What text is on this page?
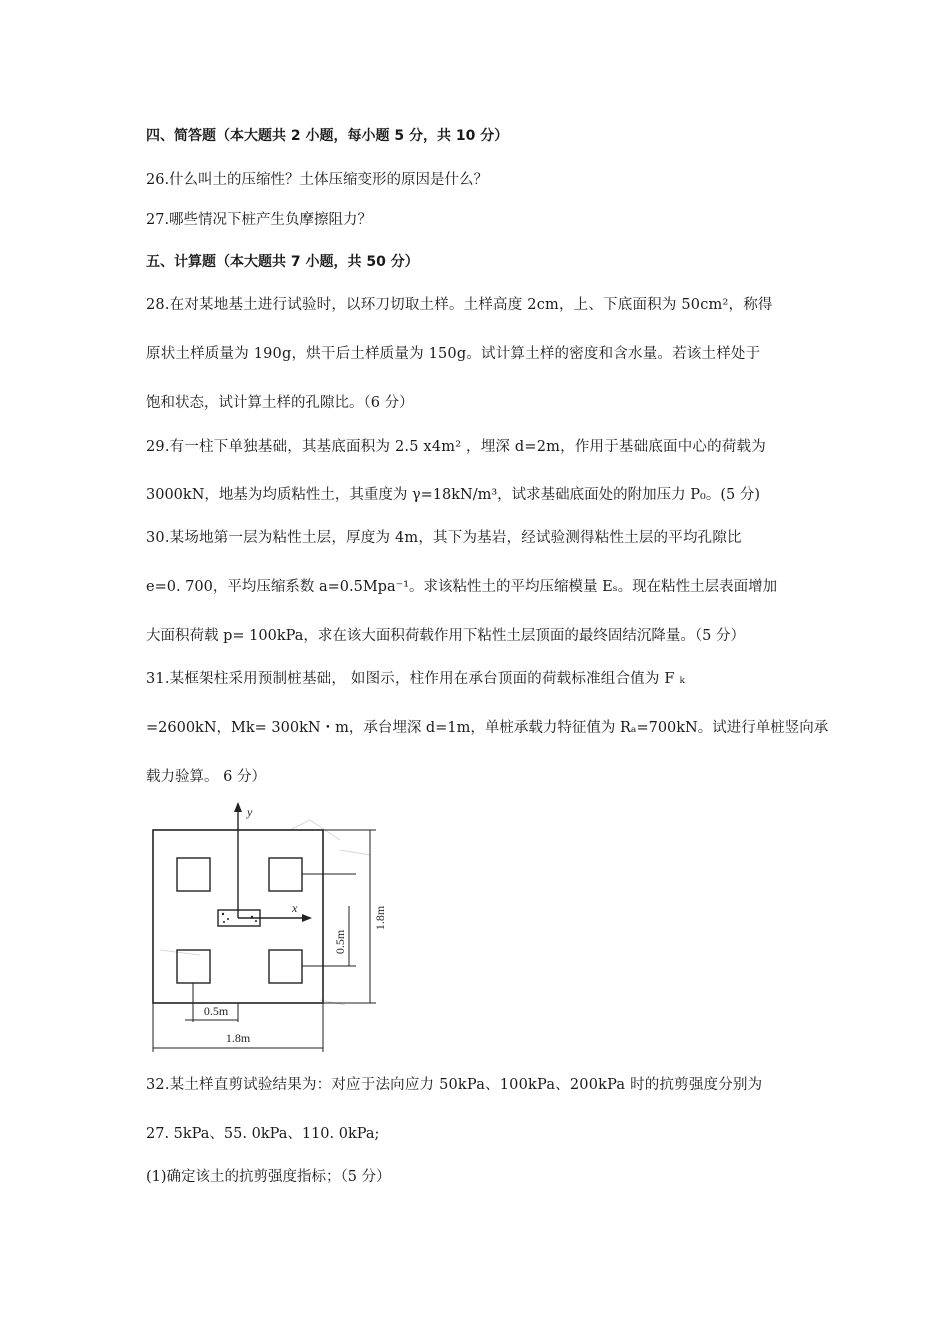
四、简答题（本大题共 2 小题，每小题 5 分，共 10 分）
26.什么叫土的压缩性？土体压缩变形的原因是什么？
27.哪些情况下桩产生负摩擦阻力？
五、计算题（本大题共 7 小题，共 50 分）
28.在对某地基土进行试验时，以环刀切取土样。土样高度 2cm，上、下底面积为 50cm²，称得
原状土样质量为 190g，烘干后土样质量为 150g。试计算土样的密度和含水量。若该土样处于
饱和状态，试计算土样的孔隙比。（6 分）
29.有一柱下单独基础，其基底面积为 2.5 x4m² ，埋深 d=2m，作用于基础底面中心的荷载为
3000kN，地基为均质粘性土，其重度为 γ=18kN/m³，试求基础底面处的附加压力 P₀。(5 分)
30.某场地第一层为粘性土层，厚度为 4m，其下为基岩，经试验测得粘性土层的平均孔隙比
e=0. 700，平均压缩系数 a=0.5Mpa⁻¹。求该粘性土的平均压缩模量 Eₛ。现在粘性土层表面增加
大面积荷载 p= 100kPa，求在该大面积荷载作用下粘性土层顶面的最终固结沉降量。（5 分）
31.某框架柱采用预制桩基础， 如图示，柱作用在承台顶面的荷载标准组合值为 F ₖ
=2600kN，Mk= 300kN・m，承台埋深 d=1m，单桩承载力特征值为 Rₐ=700kN。试进行单桩竖向承
载力验算。 6 分）
y
x	1.8m
0.5m
0.5m
1.8m
32.某土样直剪试验结果为：对应于法向应力 50kPa、100kPa、200kPa 时的抗剪强度分别为
27. 5kPa、55. 0kPa、110. 0kPa;
(1)确定该土的抗剪强度指标；（5 分）
